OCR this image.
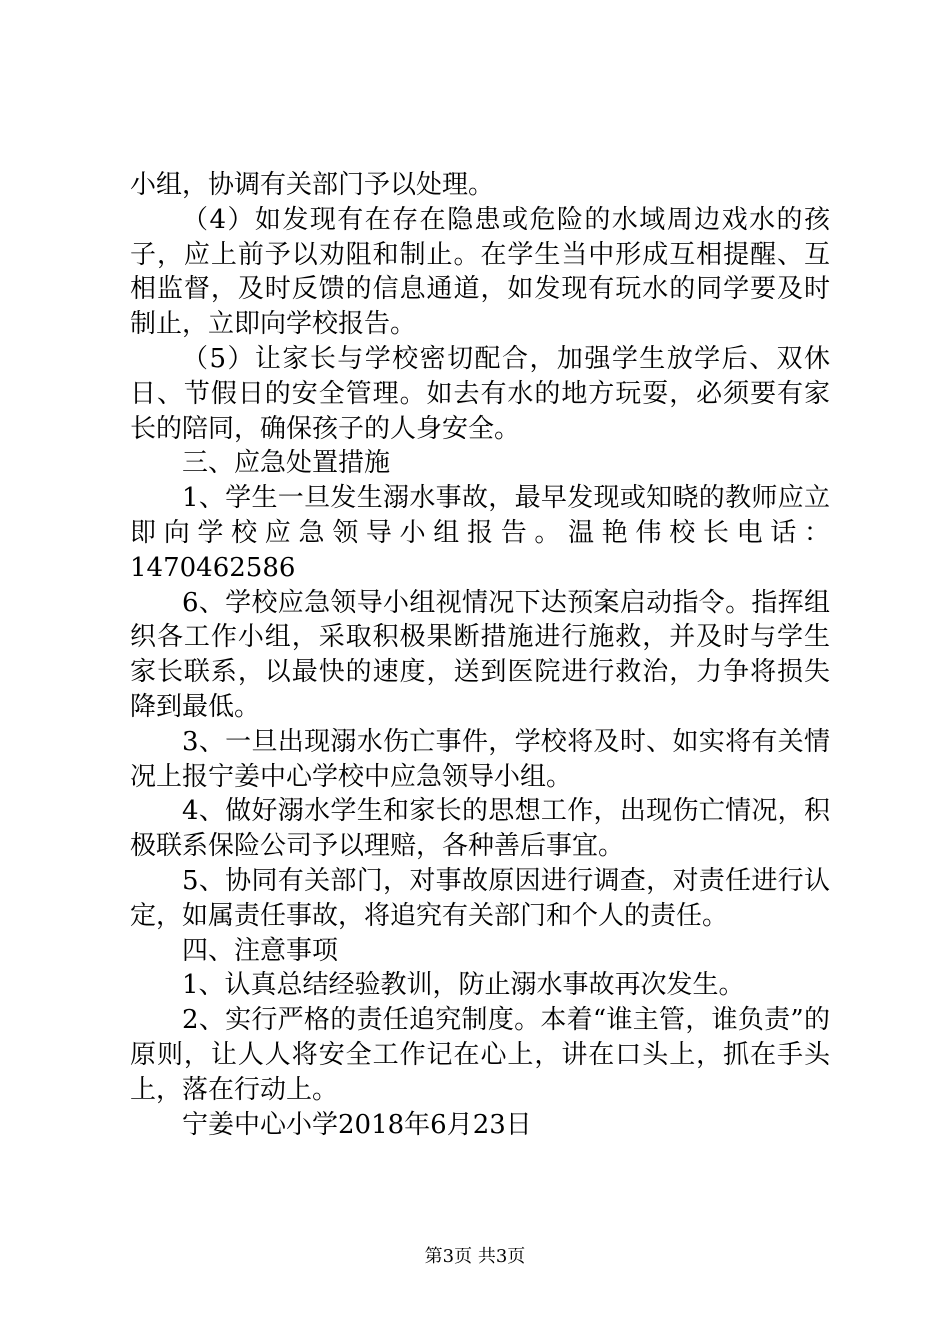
小组，协调有关部门予以处理。

（4）如发现有在存在隐患或危险的水域周边戏水的孩子，应上前予以劝阻和制止。在学生当中形成互相提醒、互相监督，及时反馈的信息通道，如发现有玩水的同学要及时制止，立即向学校报告。

（5）让家长与学校密切配合，加强学生放学后、双休日、节假日的安全管理。如去有水的地方玩耍，必须要有家长的陪同，确保孩子的人身安全。

三、应急处置措施

1、学生一旦发生溺水事故，最早发现或知晓的教师应立即向学校应急领导小组报告。温艳伟校长电话：1470462586

6、学校应急领导小组视情况下达预案启动指令。指挥组织各工作小组，采取积极果断措施进行施救，并及时与学生家长联系，以最快的速度，送到医院进行救治，力争将损失降到最低。

3、一旦出现溺水伤亡事件，学校将及时、如实将有关情况上报宁姜中心学校中应急领导小组。

4、做好溺水学生和家长的思想工作，出现伤亡情况，积极联系保险公司予以理赔，各种善后事宜。

5、协同有关部门，对事故原因进行调查，对责任进行认定，如属责任事故，将追究有关部门和个人的责任。

四、注意事项

1、认真总结经验教训，防止溺水事故再次发生。

2、实行严格的责任追究制度。本着“谁主管，谁负责”的原则，让人人将安全工作记在心上，讲在口头上，抓在手头上，落在行动上。

宁姜中心小学2018年6月23日

第3页 共3页
